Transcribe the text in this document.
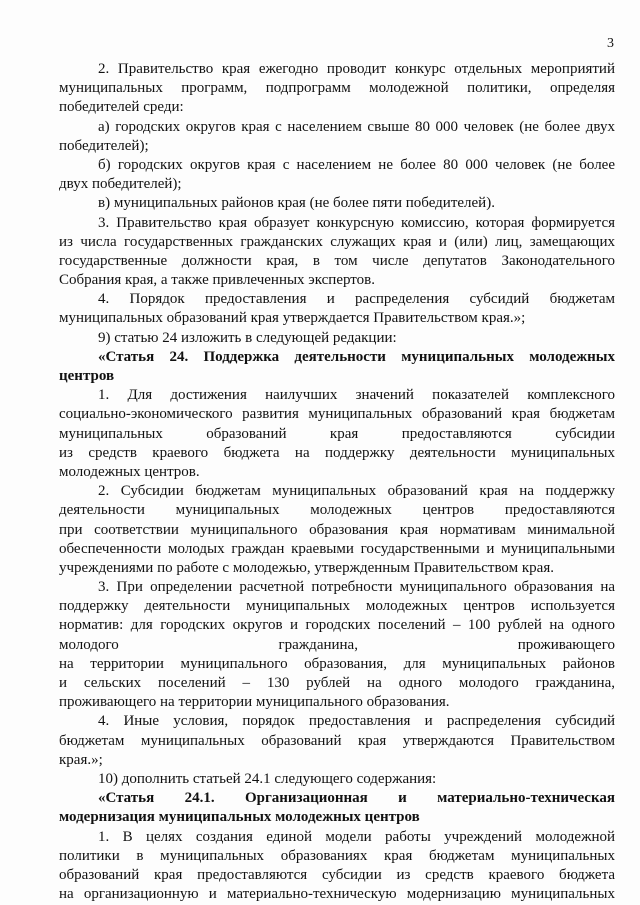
3
2. Правительство края ежегодно проводит конкурс отдельных мероприятий
муниципальных программ, подпрограмм молодежной политики, определяя
победителей среди:
а) городских округов края с населением свыше 80 000 человек (не более двух
победителей);
б) городских округов края с населением не более 80 000 человек (не более
двух победителей);
в) муниципальных районов края (не более пяти победителей).
3. Правительство края образует конкурсную комиссию, которая формируется
из числа государственных гражданских служащих края и (или) лиц, замещающих
государственные должности края, в том числе депутатов Законодательного
Собрания края, а также привлеченных экспертов.
4. Порядок предоставления и распределения субсидий бюджетам
муниципальных образований края утверждается Правительством края.»;
9) статью 24 изложить в следующей редакции:
«Статья 24. Поддержка деятельности муниципальных молодежных
центров
1. Для достижения наилучших значений показателей комплексного
социально-экономического развития муниципальных образований края бюджетам
муниципальных образований края предоставляются субсидии
из средств краевого бюджета на поддержку деятельности муниципальных
молодежных центров.
2. Субсидии бюджетам муниципальных образований края на поддержку
деятельности муниципальных молодежных центров предоставляются
при соответствии муниципального образования края нормативам минимальной
обеспеченности молодых граждан краевыми государственными и муниципальными
учреждениями по работе с молодежью, утвержденным Правительством края.
3. При определении расчетной потребности муниципального образования на
поддержку деятельности муниципальных молодежных центров используется
норматив: для городских округов и городских поселений – 100 рублей на одного
молодого гражданина, проживающего
на территории муниципального образования, для муниципальных районов
и сельских поселений – 130 рублей на одного молодого гражданина,
проживающего на территории муниципального образования.
4. Иные условия, порядок предоставления и распределения субсидий
бюджетам муниципальных образований края утверждаются Правительством
края.»;
10) дополнить статьей 24.1 следующего содержания:
«Статья 24.1. Организационная и материально-техническая
модернизация муниципальных молодежных центров
1. В целях создания единой модели работы учреждений молодежной
политики в муниципальных образованиях края бюджетам муниципальных
образований края предоставляются субсидии из средств краевого бюджета
на организационную и материально-техническую модернизацию муниципальных
